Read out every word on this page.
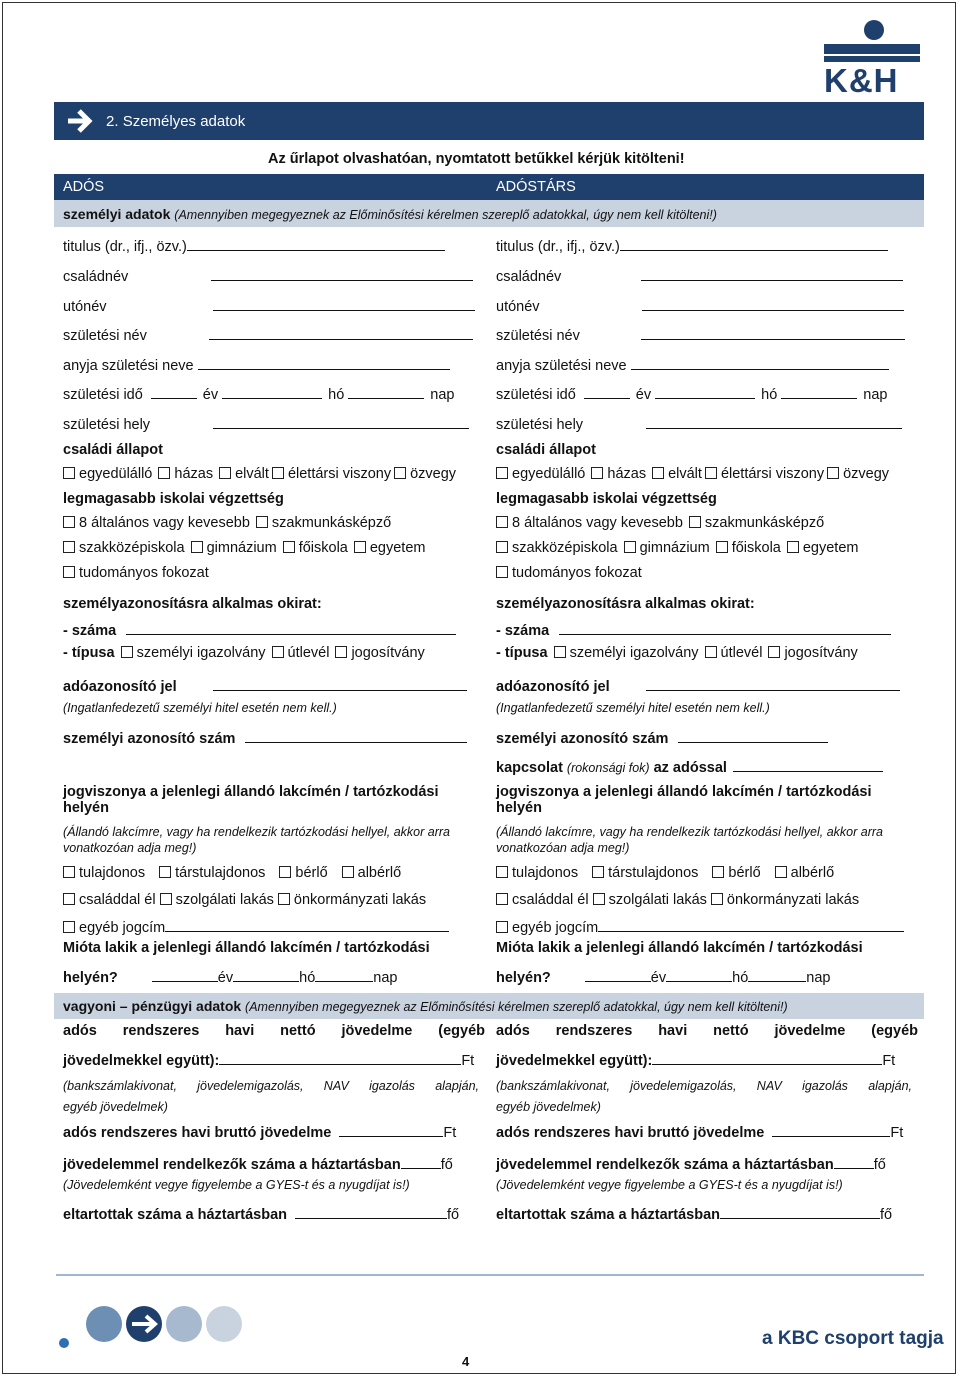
K&H
2. Személyes adatok
Az űrlapot olvashatóan, nyomtatott betűkkel kérjük kitölteni!
ADÓS	ADÓSTÁRS
személyi adatok (Amennyiben megegyeznek az Előminősítési kérelmen szereplő adatokkal, úgy nem kell kitölteni!)
titulus (dr., ifj., özv.)
családnév
utónév
születési név
anyja születési neve
születési idő	év	hó	nap
születési hely
családi állapot
egyedülálló házas elvált élettársi viszony özvegy
legmagasabb iskolai végzettség
8 általános vagy kevesebb szakmunkásképző
szakközépiskola gimnázium főiskola egyetem
tudományos fokozat
személyazonosításra alkalmas okirat:
- száma
- típusa személyi igazolvány útlevél jogosítvány
adóazonosító jel
(Ingatlanfedezetű személyi hitel esetén nem kell.)
személyi azonosító szám
jogviszonya a jelenlegi állandó lakcímén / tartózkodási helyén
(Állandó lakcímre, vagy ha rendelkezik tartózkodási hellyel, akkor arra vonatkozóan adja meg!)
tulajdonos társtulajdonos bérlő albérlő
családdal él szolgálati lakás önkormányzati lakás
egyéb jogcím
Mióta lakik a jelenlegi állandó lakcímén / tartózkodási
helyén?	év	hó	nap
adós rendszeres havi nettó jövedelme (egyéb
jövedelmekkel együtt):	Ft
(bankszámlakivonat, jövedelemigazolás, NAV igazolás alapján,
egyéb jövedelmek)
adós rendszeres havi bruttó jövedelme	Ft
jövedelemmel rendelkezők száma a háztartásban	fő
(Jövedelemként vegye figyelembe a GYES-t és a nyugdíjat is!)
eltartottak száma a háztartásban	fő
titulus (dr., ifj., özv.)
családnév
utónév
születési név
anyja születési neve
születési idő	év	hó	nap
születési hely
családi állapot
egyedülálló házas elvált élettársi viszony özvegy
legmagasabb iskolai végzettség
8 általános vagy kevesebb szakmunkásképző
szakközépiskola gimnázium főiskola egyetem
tudományos fokozat
személyazonosításra alkalmas okirat:
- száma
- típusa személyi igazolvány útlevél jogosítvány
adóazonosító jel
(Ingatlanfedezetű személyi hitel esetén nem kell.)
személyi azonosító szám
kapcsolat (rokonsági fok) az adóssal
jogviszonya a jelenlegi állandó lakcímén / tartózkodási helyén
(Állandó lakcímre, vagy ha rendelkezik tartózkodási hellyel, akkor arra vonatkozóan adja meg!)
tulajdonos társtulajdonos bérlő albérlő
családdal él szolgálati lakás önkormányzati lakás
egyéb jogcím
Mióta lakik a jelenlegi állandó lakcímén / tartózkodási
helyén?	év	hó	nap
adós rendszeres havi nettó jövedelme (egyéb
jövedelmekkel együtt):	Ft
(bankszámlakivonat, jövedelemigazolás, NAV igazolás alapján,
egyéb jövedelmek)
adós rendszeres havi bruttó jövedelme	Ft
jövedelemmel rendelkezők száma a háztartásban	fő
(Jövedelemként vegye figyelembe a GYES-t és a nyugdíjat is!)
eltartottak száma a háztartásban	fő
vagyoni – pénzügyi adatok (Amennyiben megegyeznek az Előminősítési kérelmen szereplő adatokkal, úgy nem kell kitölteni!)
a KBC csoport tagja
4
